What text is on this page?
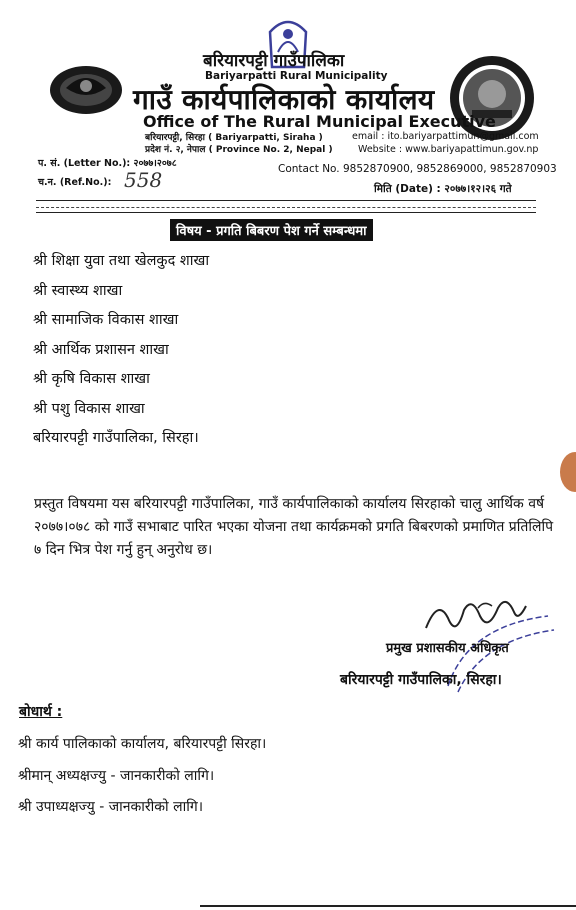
बरियारपट्टी गाउँपालिका
Bariyarpatti Rural Municipality
गाउँ कार्यपालिकाको कार्यालय
Office of The Rural Municipal Executive
बरियारपट्टी, सिरहा ( Bariyarpatti, Siraha )
प्रदेश नं. २, नेपाल ( Province No. 2, Nepal )
email : ito.bariyarpattimun@gmail.com
Website : www.bariyapattimun.gov.np
प. सं. (Letter No.): २०७७।२०७८
च.न. (Ref.No.): 558	Contact No. 9852870900, 9852869000, 9852870903
मिति (Date) : २०७७।१२।२६ गते
विषय - प्रगति बिबरण पेश गर्ने सम्बन्धमा
श्री शिक्षा युवा तथा खेलकुद शाखा
श्री स्वास्थ्य शाखा
श्री सामाजिक विकास शाखा
श्री आर्थिक प्रशासन शाखा
श्री कृषि विकास शाखा
श्री पशु विकास शाखा
बरियारपट्टी गाउँपालिका, सिरहा।
प्रस्तुत विषयमा यस बरियारपट्टी गाउँपालिका, गाउँ कार्यपालिकाको कार्यालय सिरहाको चालु आर्थिक वर्ष २०७७।०७८ को गाउँ सभाबाट पारित भएका योजना तथा कार्यक्रमको प्रगति बिबरणको प्रमाणित प्रतिलिपि ७ दिन भित्र पेश गर्नु हुन् अनुरोध छ।
प्रमुख प्रशासकीय अधिकृत
बरियारपट्टी गाउँपालिका, सिरहा।
बोधार्थ :
श्री कार्य पालिकाको कार्यालय, बरियारपट्टी सिरहा।
श्रीमान् अध्यक्षज्यु - जानकारीको लागि।
श्री उपाध्यक्षज्यु - जानकारीको लागि।
